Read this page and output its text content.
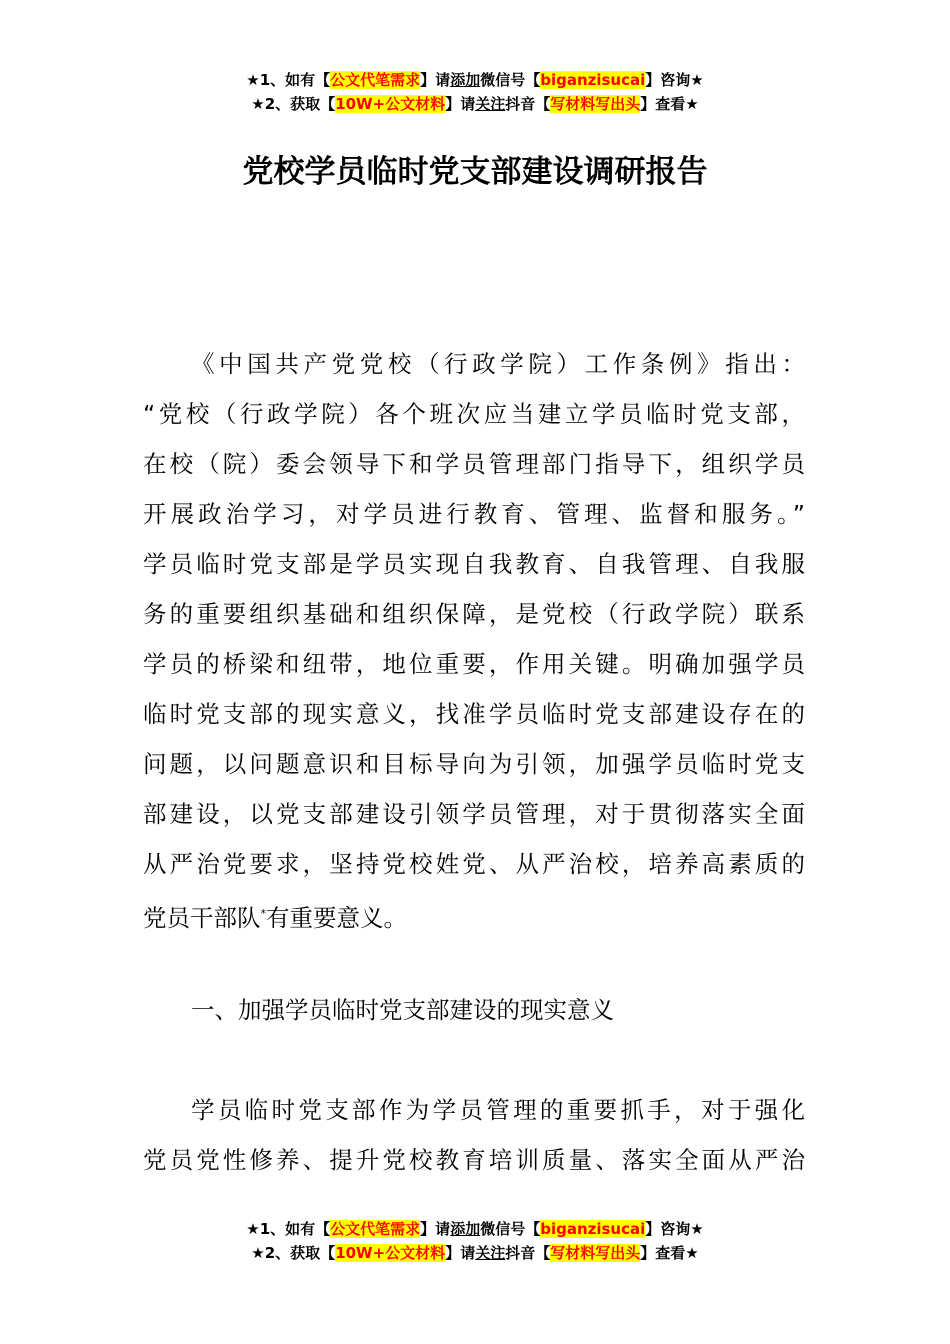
★1、如有【公文代笔需求】请添加微信号【biganzisucai】咨询★
★2、获取【10W+公文材料】请关注抖音【写材料写出头】查看★
党校学员临时党支部建设调研报告
《中国共产党党校（行政学院）工作条例》指出：
“党校（行政学院）各个班次应当建立学员临时党支部，
在校（院）委会领导下和学员管理部门指导下，组织学员
开展政治学习，对学员进行教育、管理、监督和服务。”
学员临时党支部是学员实现自我教育、自我管理、自我服
务的重要组织基础和组织保障，是党校（行政学院）联系
学员的桥梁和纽带，地位重要，作用关键。明确加强学员
临时党支部的现实意义，找准学员临时党支部建设存在的
问题，以问题意识和目标导向为引领，加强学员临时党支
部建设，以党支部建设引领学员管理，对于贯彻落实全面
从严治党要求，坚持党校姓党、从严治校，培养高素质的
党员干部队*有重要意义。

一、加强学员临时党支部建设的现实意义

学员临时党支部作为学员管理的重要抓手，对于强化
党员党性修养、提升党校教育培训质量、落实全面从严治
★1、如有【公文代笔需求】请添加微信号【biganzisucai】咨询★
★2、获取【10W+公文材料】请关注抖音【写材料写出头】查看★
